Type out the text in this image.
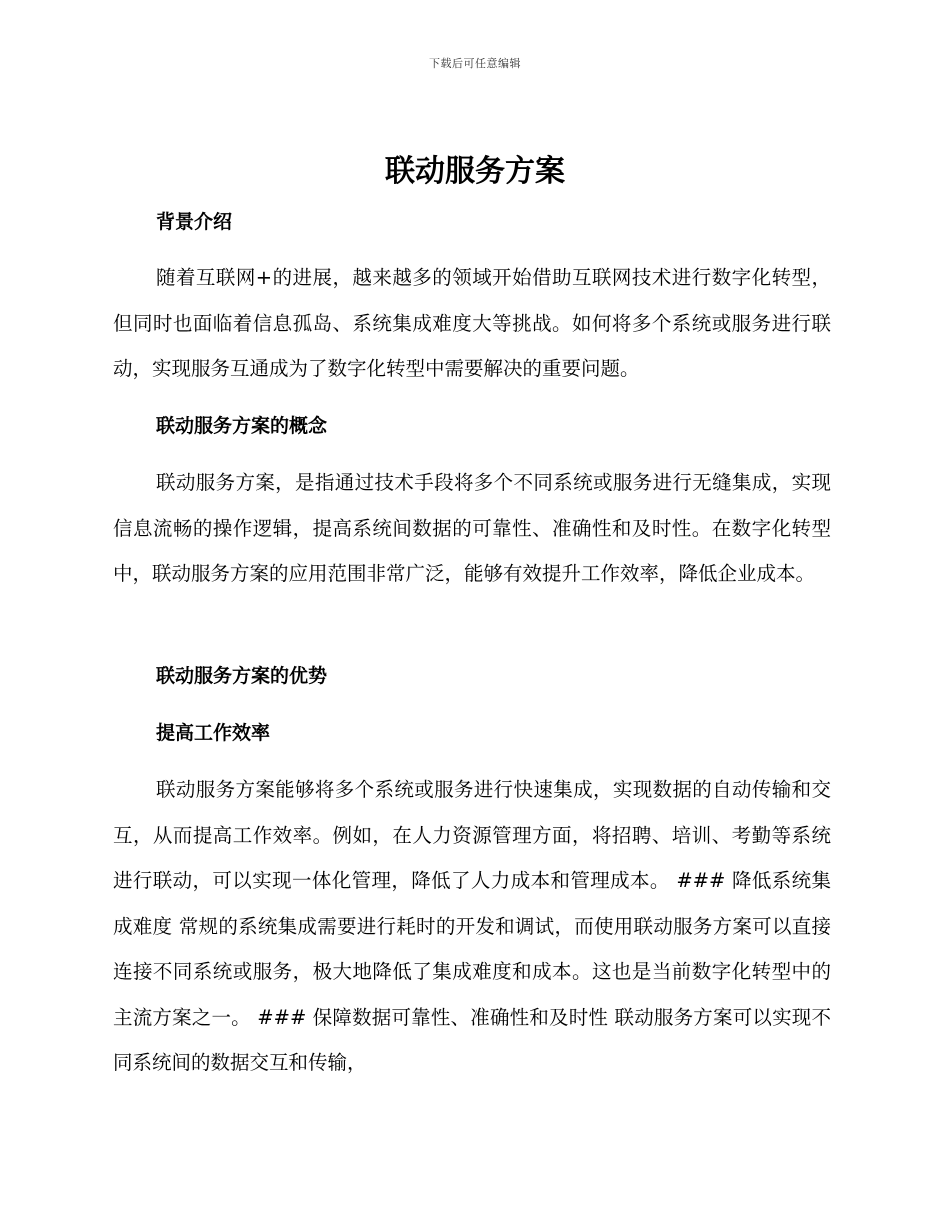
下载后可任意编辑
联动服务方案
背景介绍

随着互联网+的进展，越来越多的领域开始借助互联网技术进行数字化转型，但同时也面临着信息孤岛、系统集成难度大等挑战。如何将多个系统或服务进行联动，实现服务互通成为了数字化转型中需要解决的重要问题。

联动服务方案的概念

联动服务方案，是指通过技术手段将多个不同系统或服务进行无缝集成，实现信息流畅的操作逻辑，提高系统间数据的可靠性、准确性和及时性。在数字化转型中，联动服务方案的应用范围非常广泛，能够有效提升工作效率，降低企业成本。

联动服务方案的优势
提高工作效率

联动服务方案能够将多个系统或服务进行快速集成，实现数据的自动传输和交互，从而提高工作效率。例如，在人力资源管理方面，将招聘、培训、考勤等系统进行联动，可以实现一体化管理，降低了人力成本和管理成本。 ### 降低系统集成难度 常规的系统集成需要进行耗时的开发和调试，而使用联动服务方案可以直接连接不同系统或服务，极大地降低了集成难度和成本。这也是当前数字化转型中的主流方案之一。 ### 保障数据可靠性、准确性和及时性 联动服务方案可以实现不同系统间的数据交互和传输，
